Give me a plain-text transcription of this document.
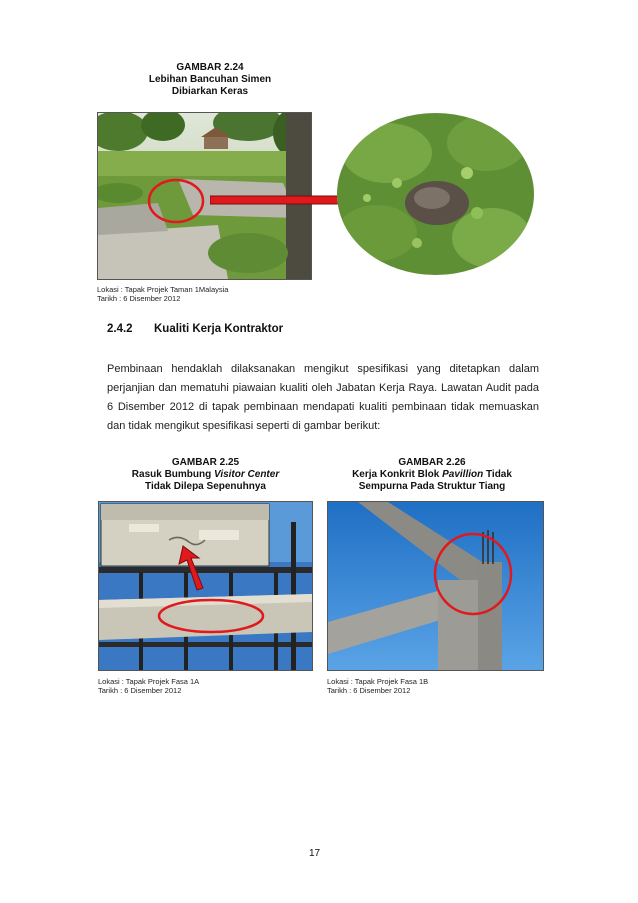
GAMBAR 2.24
Lebihan Bancuhan Simen
Dibiarkan Keras
Lokasi : Tapak Projek Taman 1Malaysia
Tarikh : 6 Disember 2012
2.4.2 Kualiti Kerja Kontraktor
Pembinaan hendaklah dilaksanakan mengikut spesifikasi yang ditetapkan dalam perjanjian dan mematuhi piawaian kualiti oleh Jabatan Kerja Raya. Lawatan Audit pada 6 Disember 2012 di tapak pembinaan mendapati kualiti pembinaan tidak memuaskan dan tidak mengikut spesifikasi seperti di gambar berikut:
GAMBAR 2.25
Rasuk Bumbung Visitor Center
Tidak Dilepa Sepenuhnya
Lokasi : Tapak Projek Fasa 1A
Tarikh : 6 Disember 2012
GAMBAR 2.26
Kerja Konkrit Blok Pavillion Tidak
Sempurna Pada Struktur Tiang
Lokasi : Tapak Projek Fasa 1B
Tarikh : 6 Disember 2012
17
